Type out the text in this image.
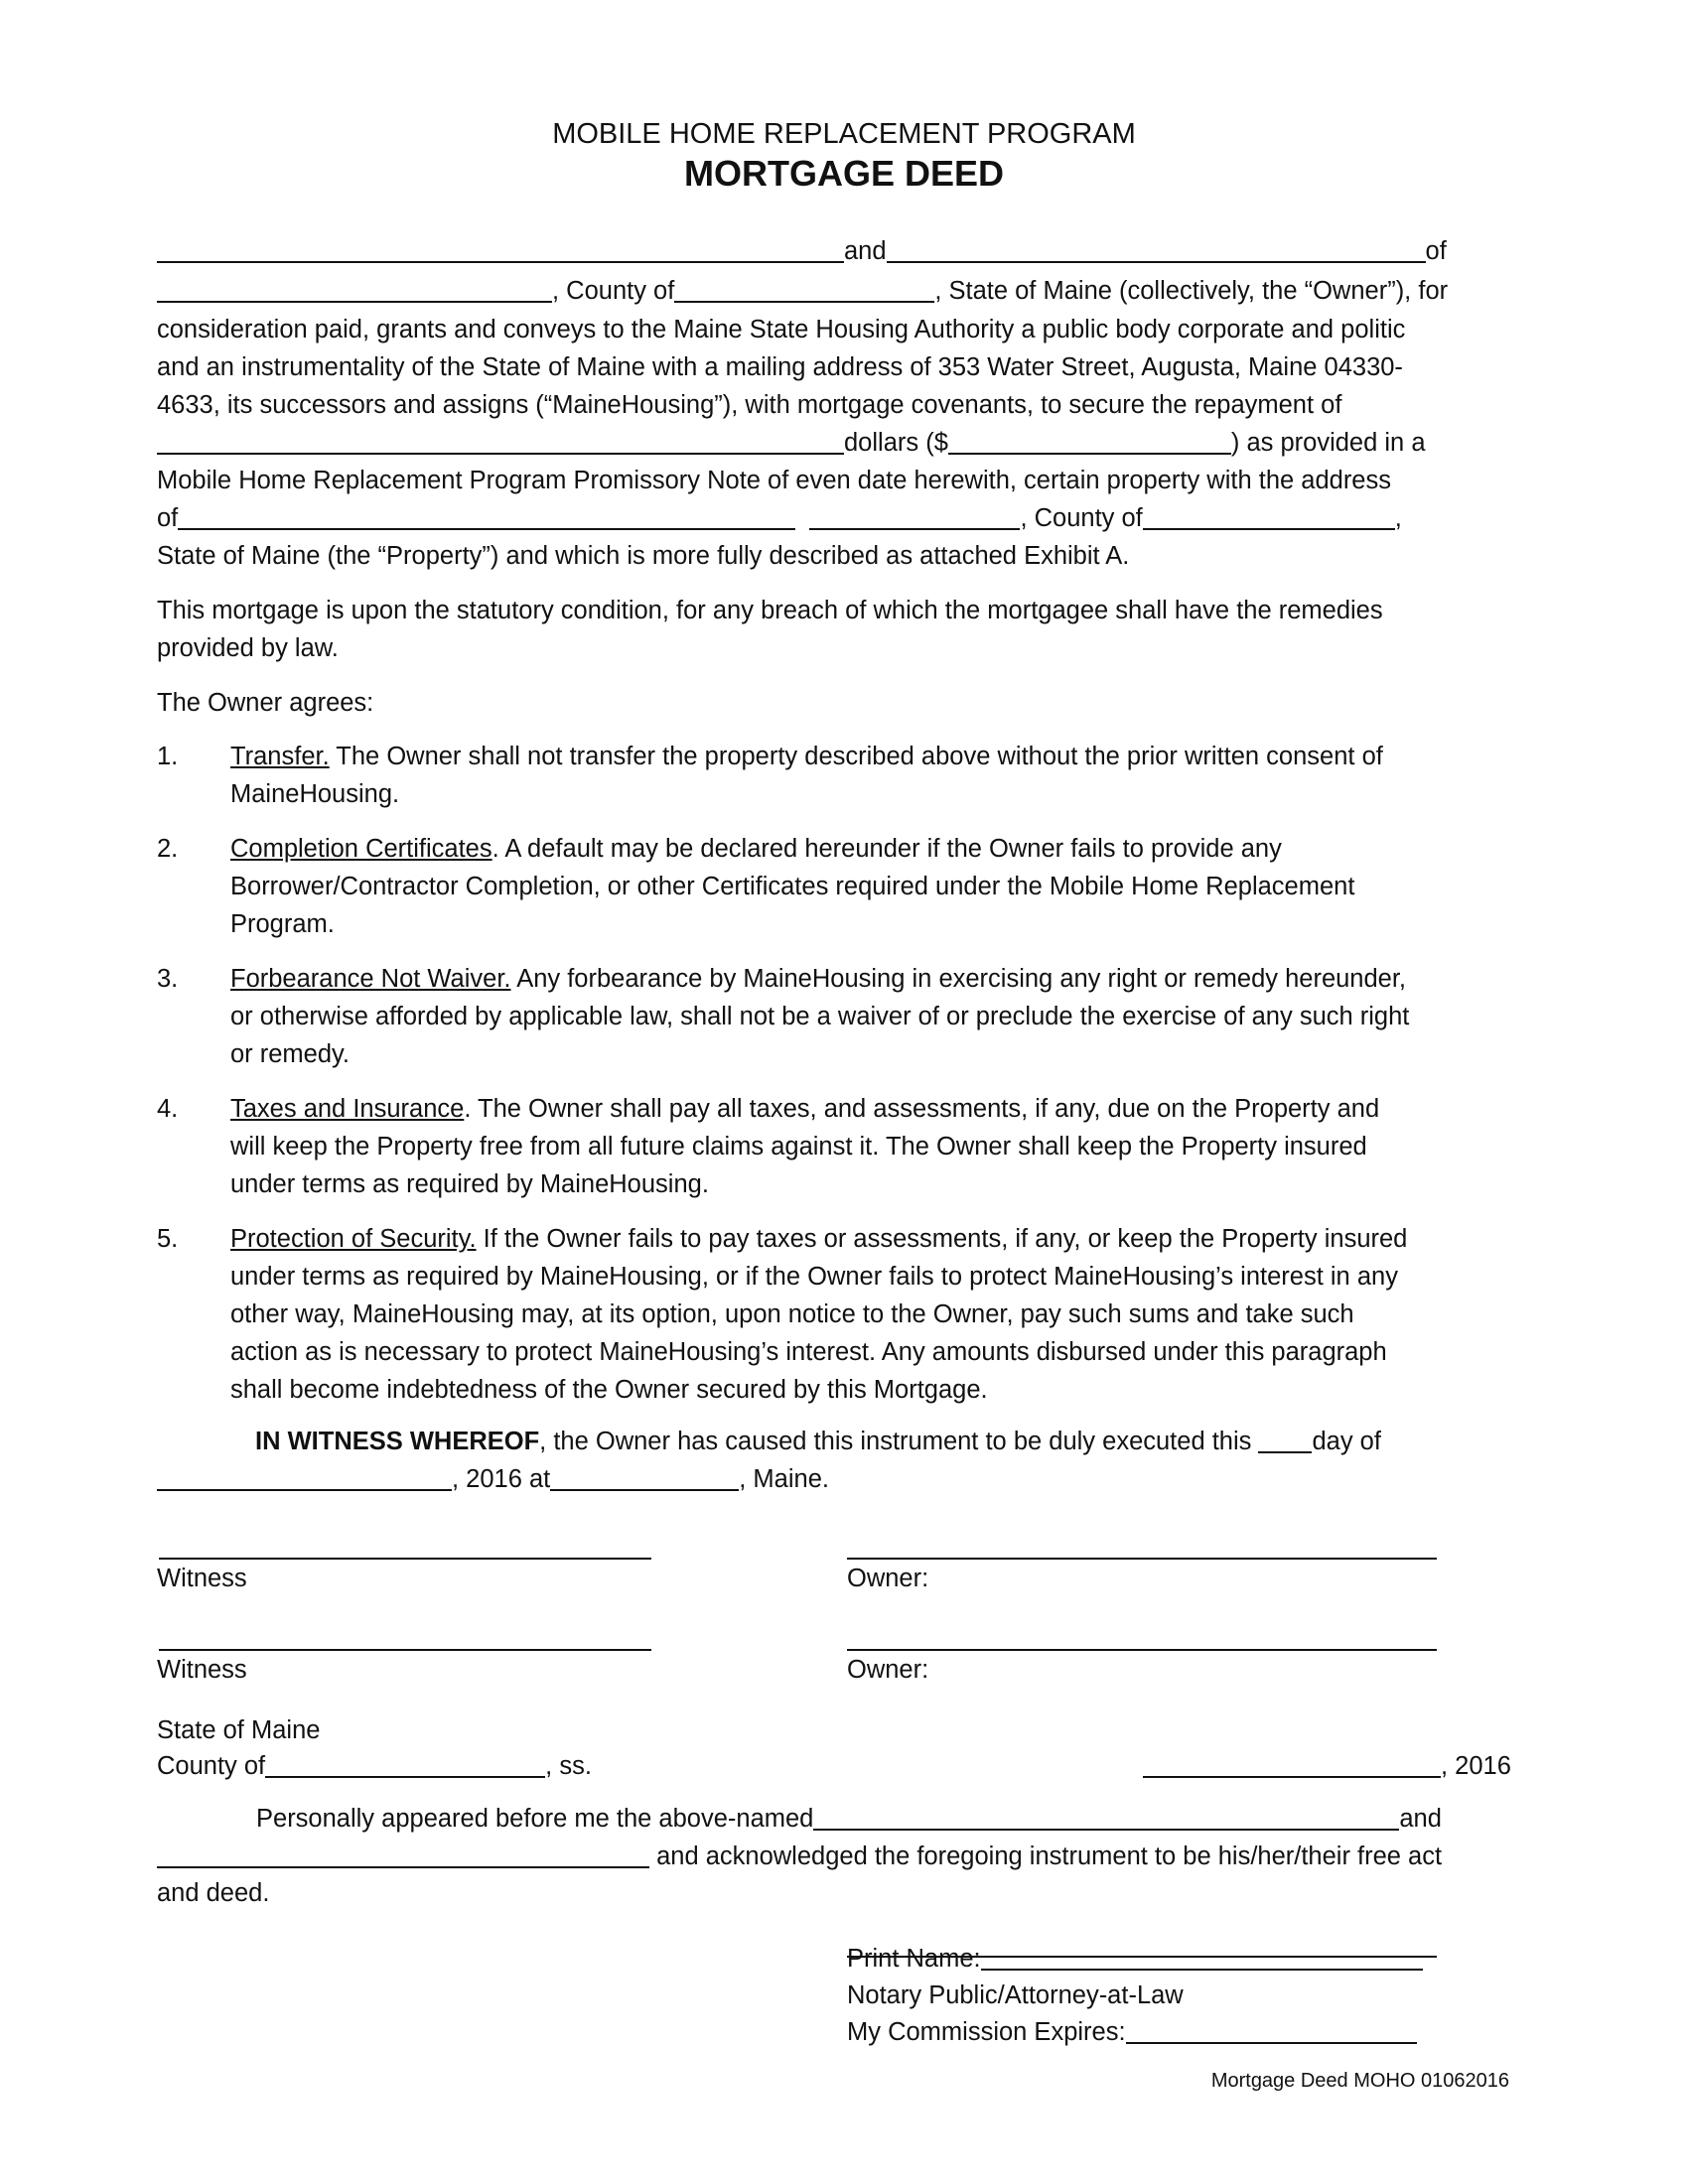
MOBILE HOME REPLACEMENT PROGRAM
MORTGAGE DEED
and	of
, County of	, State of Maine (collectively, the “Owner”), for
consideration paid, grants and conveys to the Maine State Housing Authority a public body corporate and politic
and an instrumentality of the State of Maine with a mailing address of 353 Water Street, Augusta, Maine 04330-
4633, its successors and assigns (“MaineHousing”), with mortgage covenants, to secure the repayment of
dollars ($	) as provided in a
Mobile Home Replacement Program Promissory Note of even date herewith, certain property with the address
of	, County of	,
State of Maine (the “Property”) and which is more fully described as attached Exhibit A.
This mortgage is upon the statutory condition, for any breach of which the mortgagee shall have the remedies
provided by law.
The Owner agrees:
1. Transfer. The Owner shall not transfer the property described above without the prior written consent of

MaineHousing.

2. Completion Certificates. A default may be declared hereunder if the Owner fails to provide any

Borrower/Contractor Completion, or other Certificates required under the Mobile Home Replacement

Program.

3. Forbearance Not Waiver. Any forbearance by MaineHousing in exercising any right or remedy hereunder,

or otherwise afforded by applicable law, shall not be a waiver of or preclude the exercise of any such right

or remedy.

4. Taxes and Insurance. The Owner shall pay all taxes, and assessments, if any, due on the Property and

will keep the Property free from all future claims against it. The Owner shall keep the Property insured

under terms as required by MaineHousing.

5. Protection of Security. If the Owner fails to pay taxes or assessments, if any, or keep the Property insured

under terms as required by MaineHousing, or if the Owner fails to protect MaineHousing’s interest in any

other way, MaineHousing may, at its option, upon notice to the Owner, pay such sums and take such

action as is necessary to protect MaineHousing’s interest. Any amounts disbursed under this paragraph

shall become indebtedness of the Owner secured by this Mortgage.

IN WITNESS WHEREOF, the Owner has caused this instrument to be duly executed this day of
, 2016 at	, Maine.
Witness	Owner:
Witness	Owner:
State of Maine
County of	, ss.	, 2016
Personally appeared before me the above-named	and
and acknowledged the foregoing instrument to be his/her/their free act
and deed.
Print Name:
Notary Public/Attorney-at-Law
My Commission Expires:
Mortgage Deed MOHO 01062016
